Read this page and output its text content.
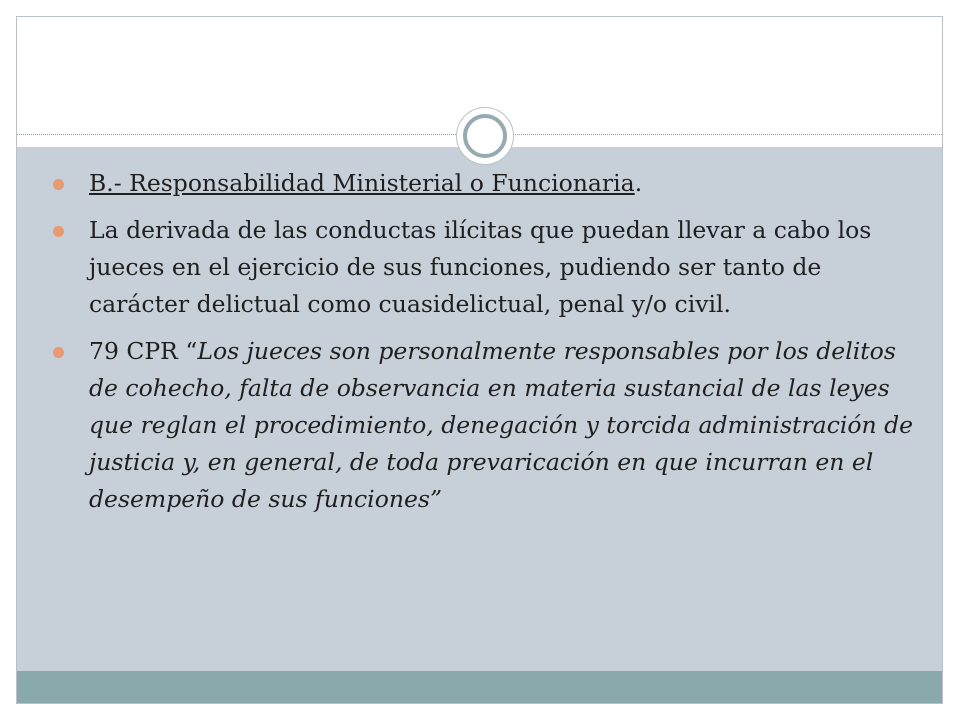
B.- Responsabilidad Ministerial o Funcionaria.
La derivada de las conductas ilícitas que puedan llevar a cabo los jueces en el ejercicio de sus funciones, pudiendo ser tanto de carácter delictual como cuasidelictual, penal y/o civil.
79 CPR “Los jueces son personalmente responsables por los delitos de cohecho, falta de observancia en materia sustancial de las leyes que reglan el procedimiento, denegación y torcida administración de justicia y, en general, de toda prevaricación en que incurran en el desempeño de sus funciones”
